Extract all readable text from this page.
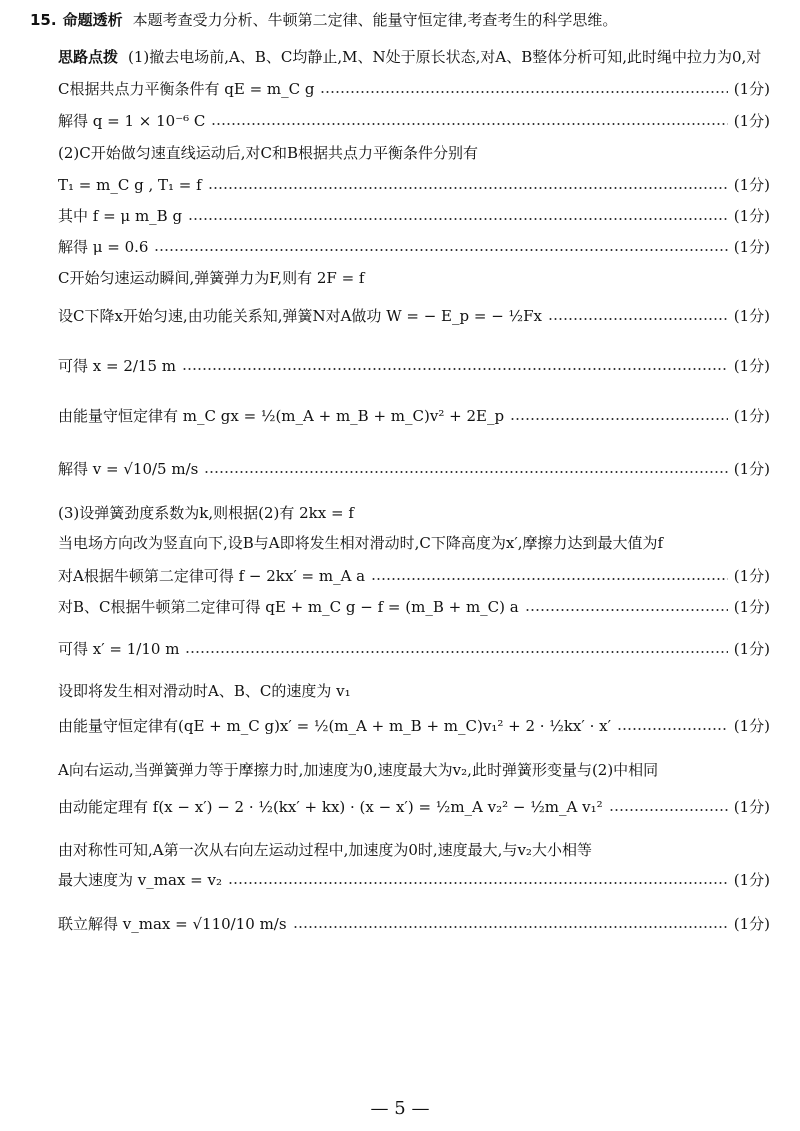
15. 命题透析 本题考查受力分析、牛顿第二定律、能量守恒定律,考查考生的科学思维。
思路点拨 (1)撤去电场前,A、B、C均静止,M、N处于原长状态,对A、B整体分析可知,此时绳中拉力为0,对
C根据共点力平衡条件有 qE = m_C g	(1分)
解得 q = 1 × 10⁻⁶ C	(1分)
(2)C开始做匀速直线运动后,对C和B根据共点力平衡条件分别有
T₁ = m_C g , T₁ = f	(1分)
其中 f = μ m_B g	(1分)
解得 μ = 0.6	(1分)
C开始匀速运动瞬间,弹簧弹力为F,则有 2F = f
设C下降x开始匀速,由功能关系知,弹簧N对A做功 W = − E_p = − ½Fx	(1分)
可得 x = 2/15 m	(1分)
由能量守恒定律有 m_C gx = ½(m_A + m_B + m_C)v² + 2E_p	(1分)
解得 v = √10/5 m/s	(1分)
(3)设弹簧劲度系数为k,则根据(2)有 2kx = f
当电场方向改为竖直向下,设B与A即将发生相对滑动时,C下降高度为x′,摩擦力达到最大值为f
对A根据牛顿第二定律可得 f − 2kx′ = m_A a	(1分)
对B、C根据牛顿第二定律可得 qE + m_C g − f = (m_B + m_C) a	(1分)
可得 x′ = 1/10 m	(1分)
设即将发生相对滑动时A、B、C的速度为 v₁
由能量守恒定律有(qE + m_C g)x′ = ½(m_A + m_B + m_C)v₁² + 2 · ½kx′ · x′	(1分)
A向右运动,当弹簧弹力等于摩擦力时,加速度为0,速度最大为v₂,此时弹簧形变量与(2)中相同
由动能定理有 f(x − x′) − 2 · ½(kx′ + kx) · (x − x′) = ½m_A v₂² − ½m_A v₁²	(1分)
由对称性可知,A第一次从右向左运动过程中,加速度为0时,速度最大,与v₂大小相等
最大速度为 v_max = v₂	(1分)
联立解得 v_max = √110/10 m/s	(1分)
— 5 —
